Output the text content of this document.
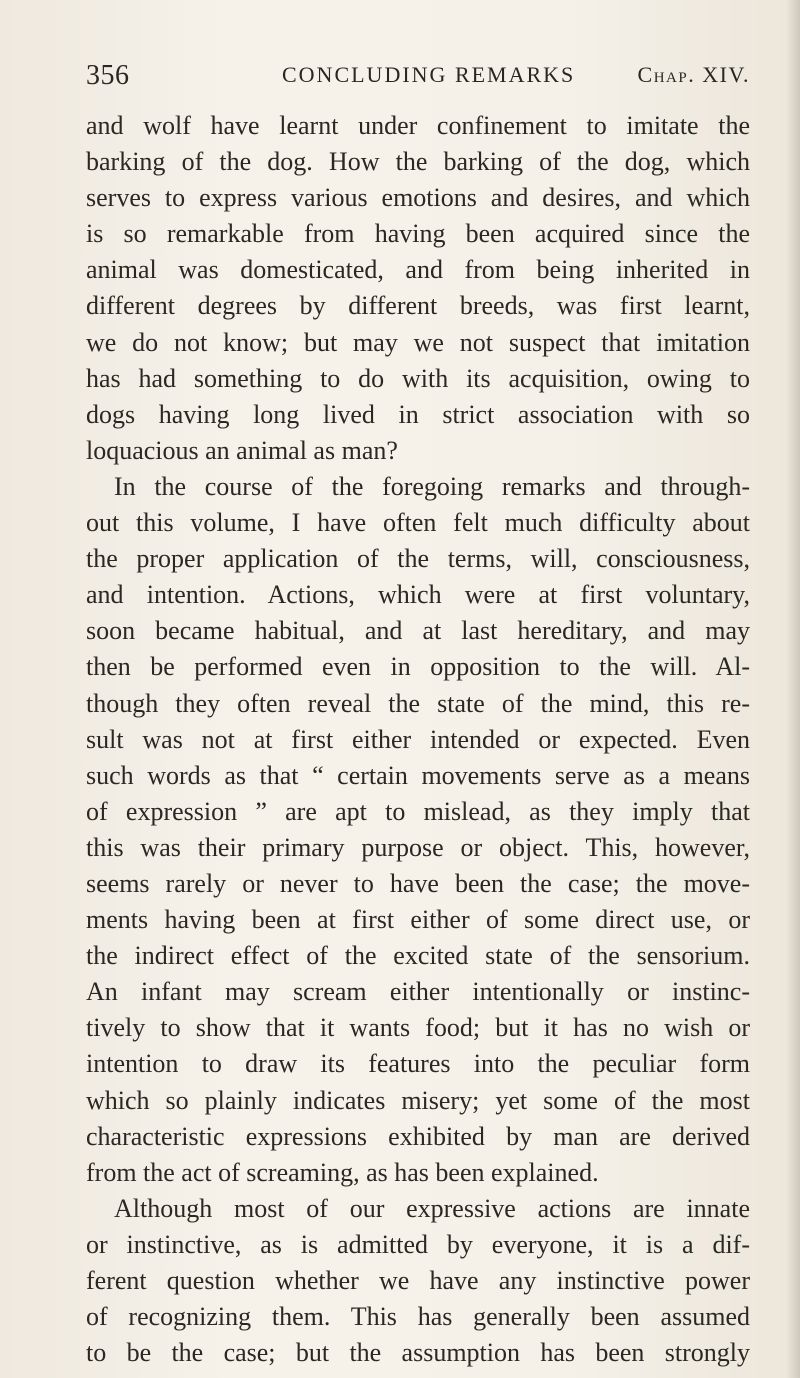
356	CONCLUDING REMARKS	Chap. XIV.
and wolf have learnt under confinement to imitate the
barking of the dog. How the barking of the dog, which
serves to express various emotions and desires, and which
is so remarkable from having been acquired since the
animal was domesticated, and from being inherited in
different degrees by different breeds, was first learnt,
we do not know; but may we not suspect that imitation
has had something to do with its acquisition, owing to
dogs having long lived in strict association with so
loquacious an animal as man?
In the course of the foregoing remarks and through-
out this volume, I have often felt much difficulty about
the proper application of the terms, will, consciousness,
and intention. Actions, which were at first voluntary,
soon became habitual, and at last hereditary, and may
then be performed even in opposition to the will. Al-
though they often reveal the state of the mind, this re-
sult was not at first either intended or expected. Even
such words as that “ certain movements serve as a means
of expression ” are apt to mislead, as they imply that
this was their primary purpose or object. This, however,
seems rarely or never to have been the case; the move-
ments having been at first either of some direct use, or
the indirect effect of the excited state of the sensorium.
An infant may scream either intentionally or instinc-
tively to show that it wants food; but it has no wish or
intention to draw its features into the peculiar form
which so plainly indicates misery; yet some of the most
characteristic expressions exhibited by man are derived
from the act of screaming, as has been explained.
Although most of our expressive actions are innate
or instinctive, as is admitted by everyone, it is a dif-
ferent question whether we have any instinctive power
of recognizing them. This has generally been assumed
to be the case; but the assumption has been strongly
